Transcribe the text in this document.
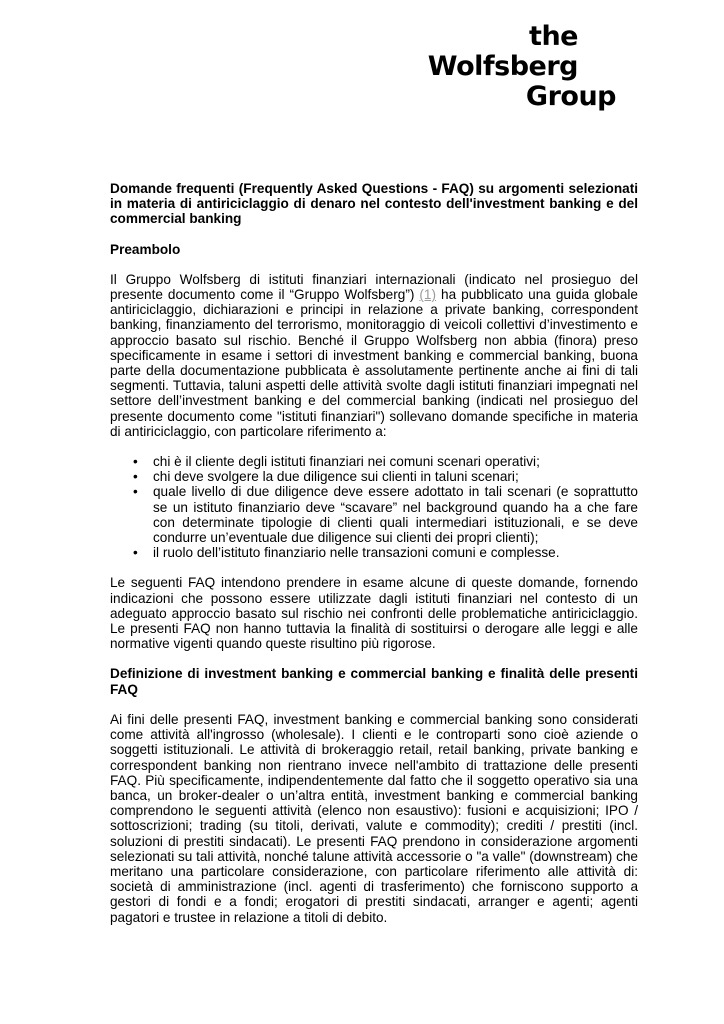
the
Wolfsberg
Group

Domande frequenti (Frequently Asked Questions - FAQ) su argomenti selezionati in materia di antiriciclaggio di denaro nel contesto dell'investment banking e del commercial banking

Preambolo

Il Gruppo Wolfsberg di istituti finanziari internazionali (indicato nel prosieguo del presente documento come il “Gruppo Wolfsberg”) (1) ha pubblicato una guida globale antiriciclaggio, dichiarazioni e principi in relazione a private banking, correspondent banking, finanziamento del terrorismo, monitoraggio di veicoli collettivi d’investimento e approccio basato sul rischio. Benché il Gruppo Wolfsberg non abbia (finora) preso specificamente in esame i settori di investment banking e commercial banking, buona parte della documentazione pubblicata è assolutamente pertinente anche ai fini di tali segmenti. Tuttavia, taluni aspetti delle attività svolte dagli istituti finanziari impegnati nel settore dell’investment banking e del commercial banking (indicati nel prosieguo del presente documento come "istituti finanziari") sollevano domande specifiche in materia di antiriciclaggio, con particolare riferimento a:

• chi è il cliente degli istituti finanziari nei comuni scenari operativi;
• chi deve svolgere la due diligence sui clienti in taluni scenari;
• quale livello di due diligence deve essere adottato in tali scenari (e soprattutto se un istituto finanziario deve “scavare” nel background quando ha a che fare con determinate tipologie di clienti quali intermediari istituzionali, e se deve condurre un’eventuale due diligence sui clienti dei propri clienti);
• il ruolo dell’istituto finanziario nelle transazioni comuni e complesse.

Le seguenti FAQ intendono prendere in esame alcune di queste domande, fornendo indicazioni che possono essere utilizzate dagli istituti finanziari nel contesto di un adeguato approccio basato sul rischio nei confronti delle problematiche antiriciclaggio. Le presenti FAQ non hanno tuttavia la finalità di sostituirsi o derogare alle leggi e alle normative vigenti quando queste risultino più rigorose.

Definizione di investment banking e commercial banking e finalità delle presenti FAQ

Ai fini delle presenti FAQ, investment banking e commercial banking sono considerati come attività all'ingrosso (wholesale). I clienti e le controparti sono cioè aziende o soggetti istituzionali. Le attività di brokeraggio retail, retail banking, private banking e correspondent banking non rientrano invece nell'ambito di trattazione delle presenti FAQ. Più specificamente, indipendentemente dal fatto che il soggetto operativo sia una banca, un broker-dealer o un’altra entità, investment banking e commercial banking comprendono le seguenti attività (elenco non esaustivo): fusioni e acquisizioni; IPO / sottoscrizioni; trading (su titoli, derivati, valute e commodity); crediti / prestiti (incl. soluzioni di prestiti sindacati). Le presenti FAQ prendono in considerazione argomenti selezionati su tali attività, nonché talune attività accessorie o "a valle" (downstream) che meritano una particolare considerazione, con particolare riferimento alle attività di: società di amministrazione (incl. agenti di trasferimento) che forniscono supporto a gestori di fondi e a fondi; erogatori di prestiti sindacati, arranger e agenti; agenti pagatori e trustee in relazione a titoli di debito.
